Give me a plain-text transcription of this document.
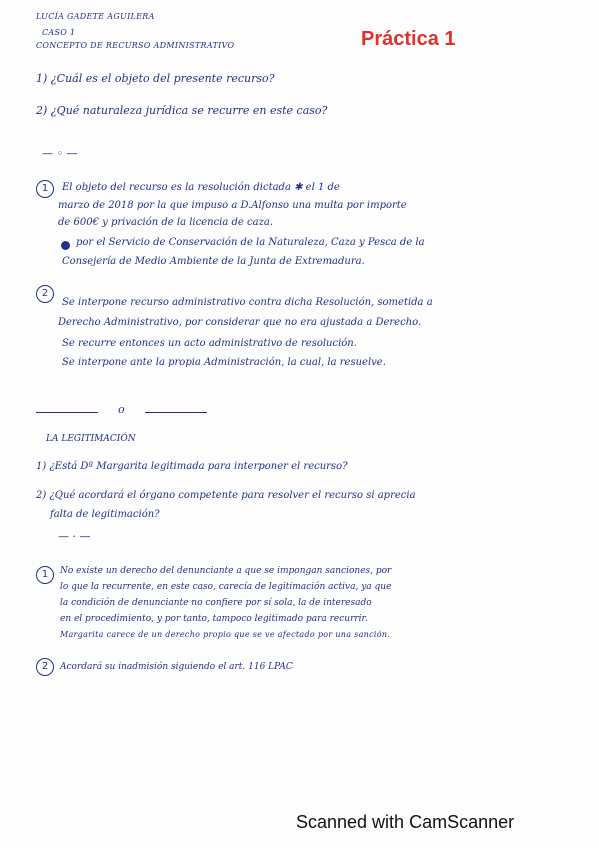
LUCÍA GADETE AGUILERA
CASO 1
CONCEPTO DE RECURSO ADMINISTRATIVO	Práctica 1
1) ¿Cuál es el objeto del presente recurso?
2) ¿Qué naturaleza jurídica se recurre en este caso?
— ◦ —
1	El objeto del recurso es la resolución dictada ✱ el 1 de
marzo de 2018 por la que impuso a D.Alfonso una multa por importe
de 600€ y privación de la licencia de caza.
por el Servicio de Conservación de la Naturaleza, Caza y Pesca de la
Consejería de Medio Ambiente de la Junta de Extremadura.
2
Se interpone recurso administrativo contra dicha Resolución, sometida a
Derecho Administrativo, por considerar que no era ajustada a Derecho.
Se recurre entonces un acto administrativo de resolución.
Se interpone ante la propia Administración, la cual, la resuelve.
o
LA LEGITIMACIÓN
1) ¿Está Dª Margarita legitimada para interponer el recurso?
2) ¿Qué acordará el órgano competente para resolver el recurso si aprecia
falta de legitimación?
— · —
1	No existe un derecho del denunciante a que se impongan sanciones, por
lo que la recurrente, en este caso, carecía de legitimación activa, ya que
la condición de denunciante no confiere por sí sola, la de interesado
en el procedimiento, y por tanto, tampoco legitimado para recurrir.
Margarita carece de un derecho propio que se ve afectado por una sanción.
2	Acordará su inadmisión siguiendo el art. 116 LPAC
Scanned with CamScanner
